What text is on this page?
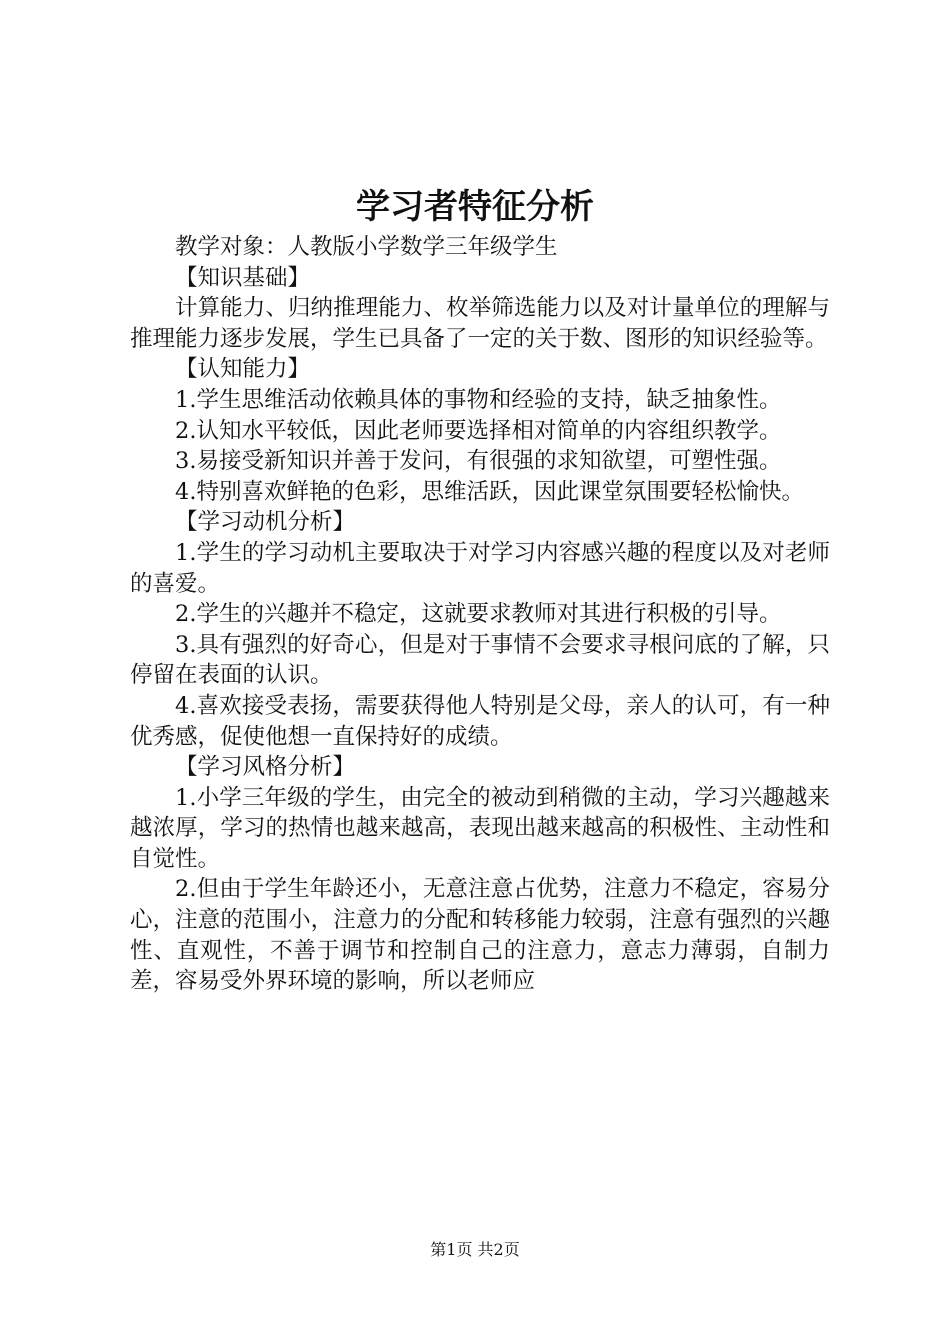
学习者特征分析

教学对象：人教版小学数学三年级学生

【知识基础】

计算能力、归纳推理能力、枚举筛选能力以及对计量单位的理解与推理能力逐步发展，学生已具备了一定的关于数、图形的知识经验等。

【认知能力】

1.学生思维活动依赖具体的事物和经验的支持，缺乏抽象性。

2.认知水平较低，因此老师要选择相对简单的内容组织教学。

3.易接受新知识并善于发问，有很强的求知欲望，可塑性强。

4.特别喜欢鲜艳的色彩，思维活跃，因此课堂氛围要轻松愉快。

【学习动机分析】

1.学生的学习动机主要取决于对学习内容感兴趣的程度以及对老师的喜爱。

2.学生的兴趣并不稳定，这就要求教师对其进行积极的引导。

3.具有强烈的好奇心，但是对于事情不会要求寻根问底的了解，只停留在表面的认识。

4.喜欢接受表扬，需要获得他人特别是父母，亲人的认可，有一种优秀感，促使他想一直保持好的成绩。

【学习风格分析】

1.小学三年级的学生，由完全的被动到稍微的主动，学习兴趣越来越浓厚，学习的热情也越来越高，表现出越来越高的积极性、主动性和自觉性。

2.但由于学生年龄还小，无意注意占优势，注意力不稳定，容易分心，注意的范围小，注意力的分配和转移能力较弱，注意有强烈的兴趣性、直观性，不善于调节和控制自己的注意力，意志力薄弱，自制力差，容易受外界环境的影响，所以老师应

第1页 共2页
